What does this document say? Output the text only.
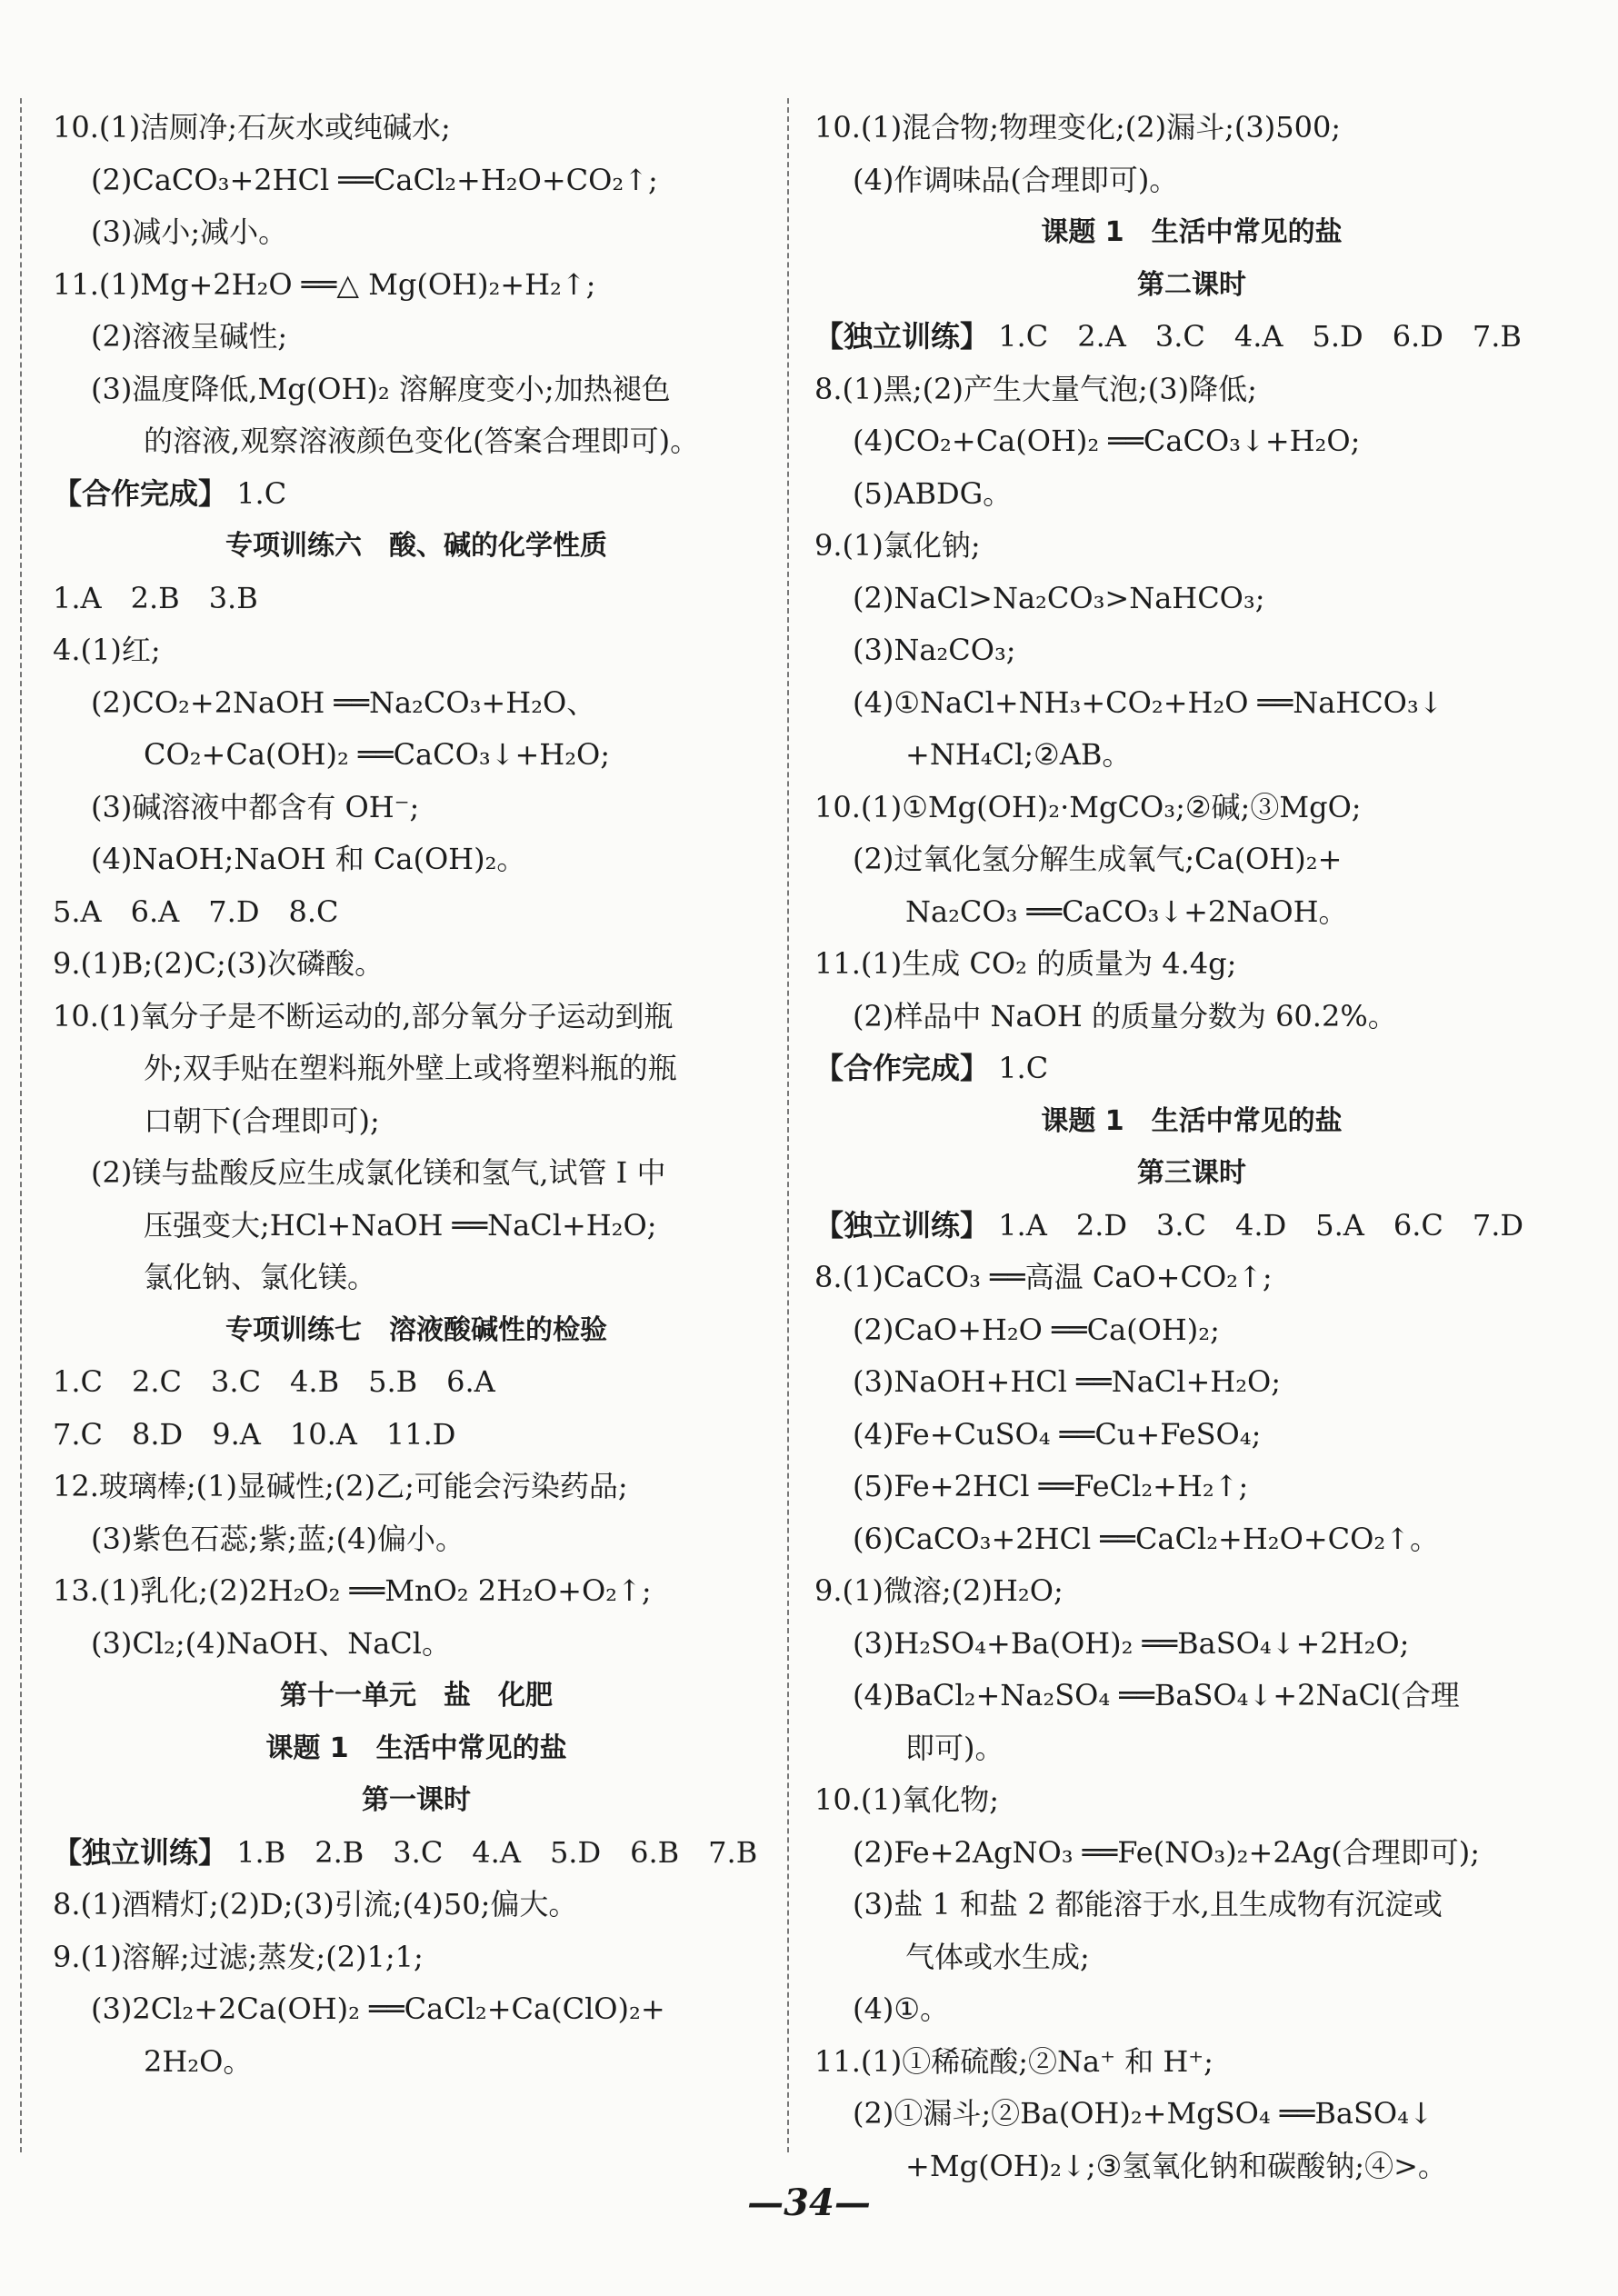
10.(1)洁厕净;石灰水或纯碱水;
(2)CaCO₃+2HCl ══CaCl₂+H₂O+CO₂↑;
(3)减小;减小。
11.(1)Mg+2H₂O ══△ Mg(OH)₂+H₂↑;
(2)溶液呈碱性;
(3)温度降低,Mg(OH)₂ 溶解度变小;加热褪色
的溶液,观察溶液颜色变化(答案合理即可)。
【合作完成】 1.C
专项训练六　酸、碱的化学性质
1.A　2.B　3.B
4.(1)红;
(2)CO₂+2NaOH ══Na₂CO₃+H₂O、
CO₂+Ca(OH)₂ ══CaCO₃↓+H₂O;
(3)碱溶液中都含有 OH⁻;
(4)NaOH;NaOH 和 Ca(OH)₂。
5.A　6.A　7.D　8.C
9.(1)B;(2)C;(3)次磷酸。
10.(1)氧分子是不断运动的,部分氧分子运动到瓶
外;双手贴在塑料瓶外壁上或将塑料瓶的瓶
口朝下(合理即可);
(2)镁与盐酸反应生成氯化镁和氢气,试管 I 中
压强变大;HCl+NaOH ══NaCl+H₂O;
氯化钠、氯化镁。
专项训练七　溶液酸碱性的检验
1.C　2.C　3.C　4.B　5.B　6.A
7.C　8.D　9.A　10.A　11.D
12.玻璃棒;(1)显碱性;(2)乙;可能会污染药品;
(3)紫色石蕊;紫;蓝;(4)偏小。
13.(1)乳化;(2)2H₂O₂ ══MnO₂ 2H₂O+O₂↑;
(3)Cl₂;(4)NaOH、NaCl。
第十一单元　盐　化肥
课题 1　生活中常见的盐
第一课时
【独立训练】 1.B　2.B　3.C　4.A　5.D　6.B　7.B
8.(1)酒精灯;(2)D;(3)引流;(4)50;偏大。
9.(1)溶解;过滤;蒸发;(2)1;1;
(3)2Cl₂+2Ca(OH)₂ ══CaCl₂+Ca(ClO)₂+
2H₂O。
10.(1)混合物;物理变化;(2)漏斗;(3)500;
(4)作调味品(合理即可)。
课题 1　生活中常见的盐
第二课时
【独立训练】 1.C　2.A　3.C　4.A　5.D　6.D　7.B
8.(1)黑;(2)产生大量气泡;(3)降低;
(4)CO₂+Ca(OH)₂ ══CaCO₃↓+H₂O;
(5)ABDG。
9.(1)氯化钠;
(2)NaCl>Na₂CO₃>NaHCO₃;
(3)Na₂CO₃;
(4)①NaCl+NH₃+CO₂+H₂O ══NaHCO₃↓
+NH₄Cl;②AB。
10.(1)①Mg(OH)₂·MgCO₃;②碱;③MgO;
(2)过氧化氢分解生成氧气;Ca(OH)₂+
Na₂CO₃ ══CaCO₃↓+2NaOH。
11.(1)生成 CO₂ 的质量为 4.4g;
(2)样品中 NaOH 的质量分数为 60.2%。
【合作完成】 1.C
课题 1　生活中常见的盐
第三课时
【独立训练】 1.A　2.D　3.C　4.D　5.A　6.C　7.D
8.(1)CaCO₃ ══高温 CaO+CO₂↑;
(2)CaO+H₂O ══Ca(OH)₂;
(3)NaOH+HCl ══NaCl+H₂O;
(4)Fe+CuSO₄ ══Cu+FeSO₄;
(5)Fe+2HCl ══FeCl₂+H₂↑;
(6)CaCO₃+2HCl ══CaCl₂+H₂O+CO₂↑。
9.(1)微溶;(2)H₂O;
(3)H₂SO₄+Ba(OH)₂ ══BaSO₄↓+2H₂O;
(4)BaCl₂+Na₂SO₄ ══BaSO₄↓+2NaCl(合理
即可)。
10.(1)氧化物;
(2)Fe+2AgNO₃ ══Fe(NO₃)₂+2Ag(合理即可);
(3)盐 1 和盐 2 都能溶于水,且生成物有沉淀或
气体或水生成;
(4)①。
11.(1)①稀硫酸;②Na⁺ 和 H⁺;
(2)①漏斗;②Ba(OH)₂+MgSO₄ ══BaSO₄↓
+Mg(OH)₂↓;③氢氧化钠和碳酸钠;④>。
—34—
